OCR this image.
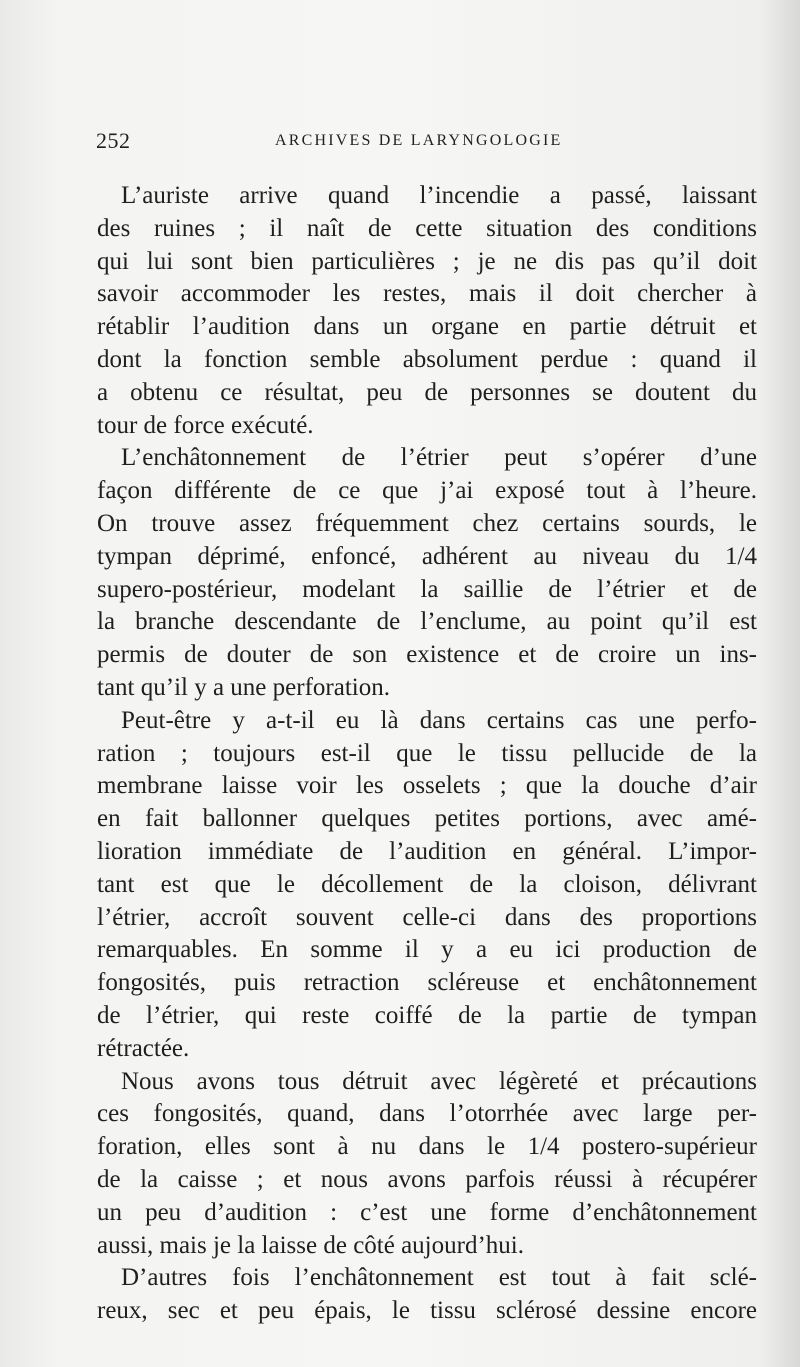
252	ARCHIVES DE LARYNGOLOGIE
L’auriste arrive quand l’incendie a passé, laissant
des ruines ; il naît de cette situation des conditions
qui lui sont bien particulières ; je ne dis pas qu’il doit
savoir accommoder les restes, mais il doit chercher à
rétablir l’audition dans un organe en partie détruit et
dont la fonction semble absolument perdue : quand il
a obtenu ce résultat, peu de personnes se doutent du
tour de force exécuté.
L’enchâtonnement de l’étrier peut s’opérer d’une
façon différente de ce que j’ai exposé tout à l’heure.
On trouve assez fréquemment chez certains sourds, le
tympan déprimé, enfoncé, adhérent au niveau du 1/4
supero-postérieur, modelant la saillie de l’étrier et de
la branche descendante de l’enclume, au point qu’il est
permis de douter de son existence et de croire un ins-
tant qu’il y a une perforation.
Peut-être y a-t-il eu là dans certains cas une perfo-
ration ; toujours est-il que le tissu pellucide de la
membrane laisse voir les osselets ; que la douche d’air
en fait ballonner quelques petites portions, avec amé-
lioration immédiate de l’audition en général. L’impor-
tant est que le décollement de la cloison, délivrant
l’étrier, accroît souvent celle-ci dans des proportions
remarquables. En somme il y a eu ici production de
fongosités, puis retraction scléreuse et enchâtonnement
de l’étrier, qui reste coiffé de la partie de tympan
rétractée.
Nous avons tous détruit avec légèreté et précautions
ces fongosités, quand, dans l’otorrhée avec large per-
foration, elles sont à nu dans le 1/4 postero-supérieur
de la caisse ; et nous avons parfois réussi à récupérer
un peu d’audition : c’est une forme d’enchâtonnement
aussi, mais je la laisse de côté aujourd’hui.
D’autres fois l’enchâtonnement est tout à fait sclé-
reux, sec et peu épais, le tissu sclérosé dessine encore
